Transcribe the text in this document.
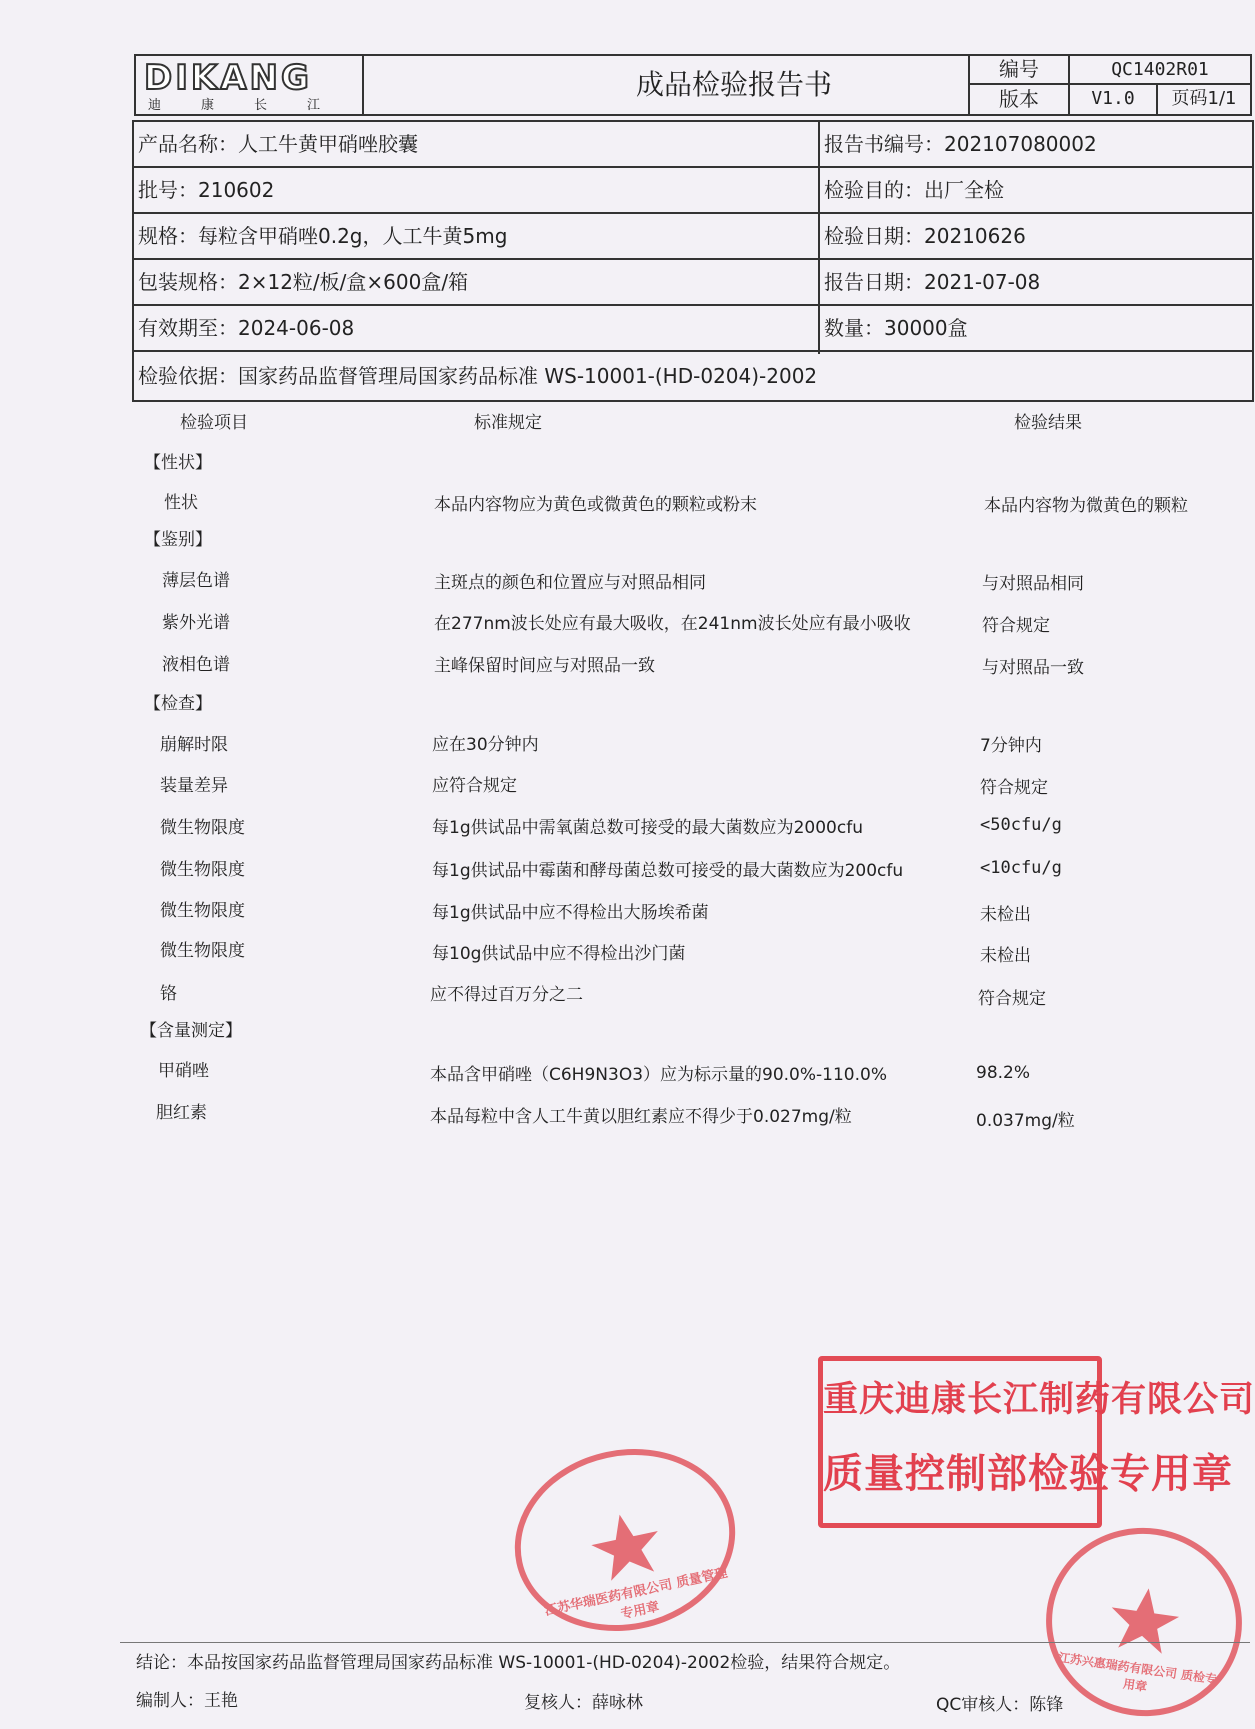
DIKANG
迪康长江
成品检验报告书	编号	QC1402R01
版本	V1.0	页码1/1
产品名称：人工牛黄甲硝唑胶囊	报告书编号：202107080002
批号：210602	检验目的：出厂全检
规格：每粒含甲硝唑0.2g，人工牛黄5mg	检验日期：20210626
包装规格：2×12粒/板/盒×600盒/箱	报告日期：2021-07-08
有效期至：2024-06-08	数量：30000盒
检验依据：国家药品监督管理局国家药品标准 WS-10001-(HD-0204)-2002
检验项目	标准规定	检验结果
【性状】
【鉴别】
【检查】
【含量测定】
性状	本品内容物应为黄色或微黄色的颗粒或粉末	本品内容物为微黄色的颗粒
薄层色谱	主斑点的颜色和位置应与对照品相同	与对照品相同
紫外光谱	在277nm波长处应有最大吸收，在241nm波长处应有最小吸收	符合规定
液相色谱	主峰保留时间应与对照品一致	与对照品一致
崩解时限	应在30分钟内	7分钟内
装量差异	应符合规定	符合规定
微生物限度	每1g供试品中需氧菌总数可接受的最大菌数应为2000cfu	<50cfu/g
微生物限度	每1g供试品中霉菌和酵母菌总数可接受的最大菌数应为200cfu	<10cfu/g
微生物限度	每1g供试品中应不得检出大肠埃希菌	未检出
微生物限度	每10g供试品中应不得检出沙门菌	未检出
铬	应不得过百万分之二	符合规定
甲硝唑	本品含甲硝唑（C6H9N3O3）应为标示量的90.0%-110.0%	98.2%
胆红素	本品每粒中含人工牛黄以胆红素应不得少于0.027mg/粒	0.037mg/粒
重庆迪康长江制药有限公司
质量控制部检验专用章
江苏华瑞医药有限公司 质量管理专用章
江苏兴惠瑞药有限公司 质检专用章
结论：本品按国家药品监督管理局国家药品标准 WS-10001-(HD-0204)-2002检验，结果符合规定。
编制人：王艳	复核人：薛咏林	QC审核人：陈锋
